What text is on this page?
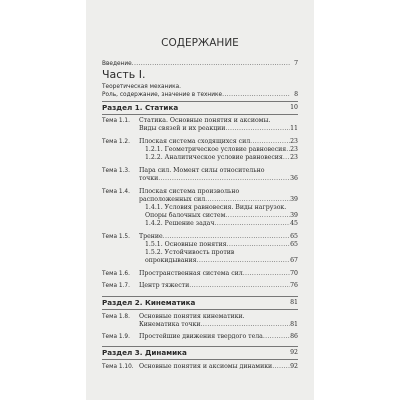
СОДЕРЖАНИЕ
Введение .....	7
Часть I.
Теоретическая механика.
Роль, содержание, значение в технике .....	8
Раздел 1. Статика	10
Тема 1.1. Статика. Основные понятия и аксиомы.
Виды связей и их реакции .....	11
Тема 1.2. Плоская система сходящихся сил .....	23
1.2.1. Геометрическое условие равновесия ..... 23
1.2.2. Аналитическое условие равновесия ..... 23
Тема 1.3. Пара сил. Момент силы относительно
точки .....	36
Тема 1.4. Плоская система произвольно
расположенных сил .....	39
1.4.1. Условия равновесия. Виды нагрузок.
Опоры балочных систем .....	39
1.4.2. Решение задач .....	45
Тема 1.5. Трение .....	65
1.5.1. Основные понятия .....	65
1.5.2. Устойчивость против
опрокидывания .....	67
Тема 1.6. Пространственная система сил .....	70
Тема 1.7. Центр тяжести .....	76
Раздел 2. Кинематика	81
Тема 1.8. Основные понятия кинематики.
Кинематика точки .....	81
Тема 1.9. Простейшие движения твердого тела .....	86
Раздел 3. Динамика	92
Тема 1.10. Основные понятия и аксиомы динамики .....	92
